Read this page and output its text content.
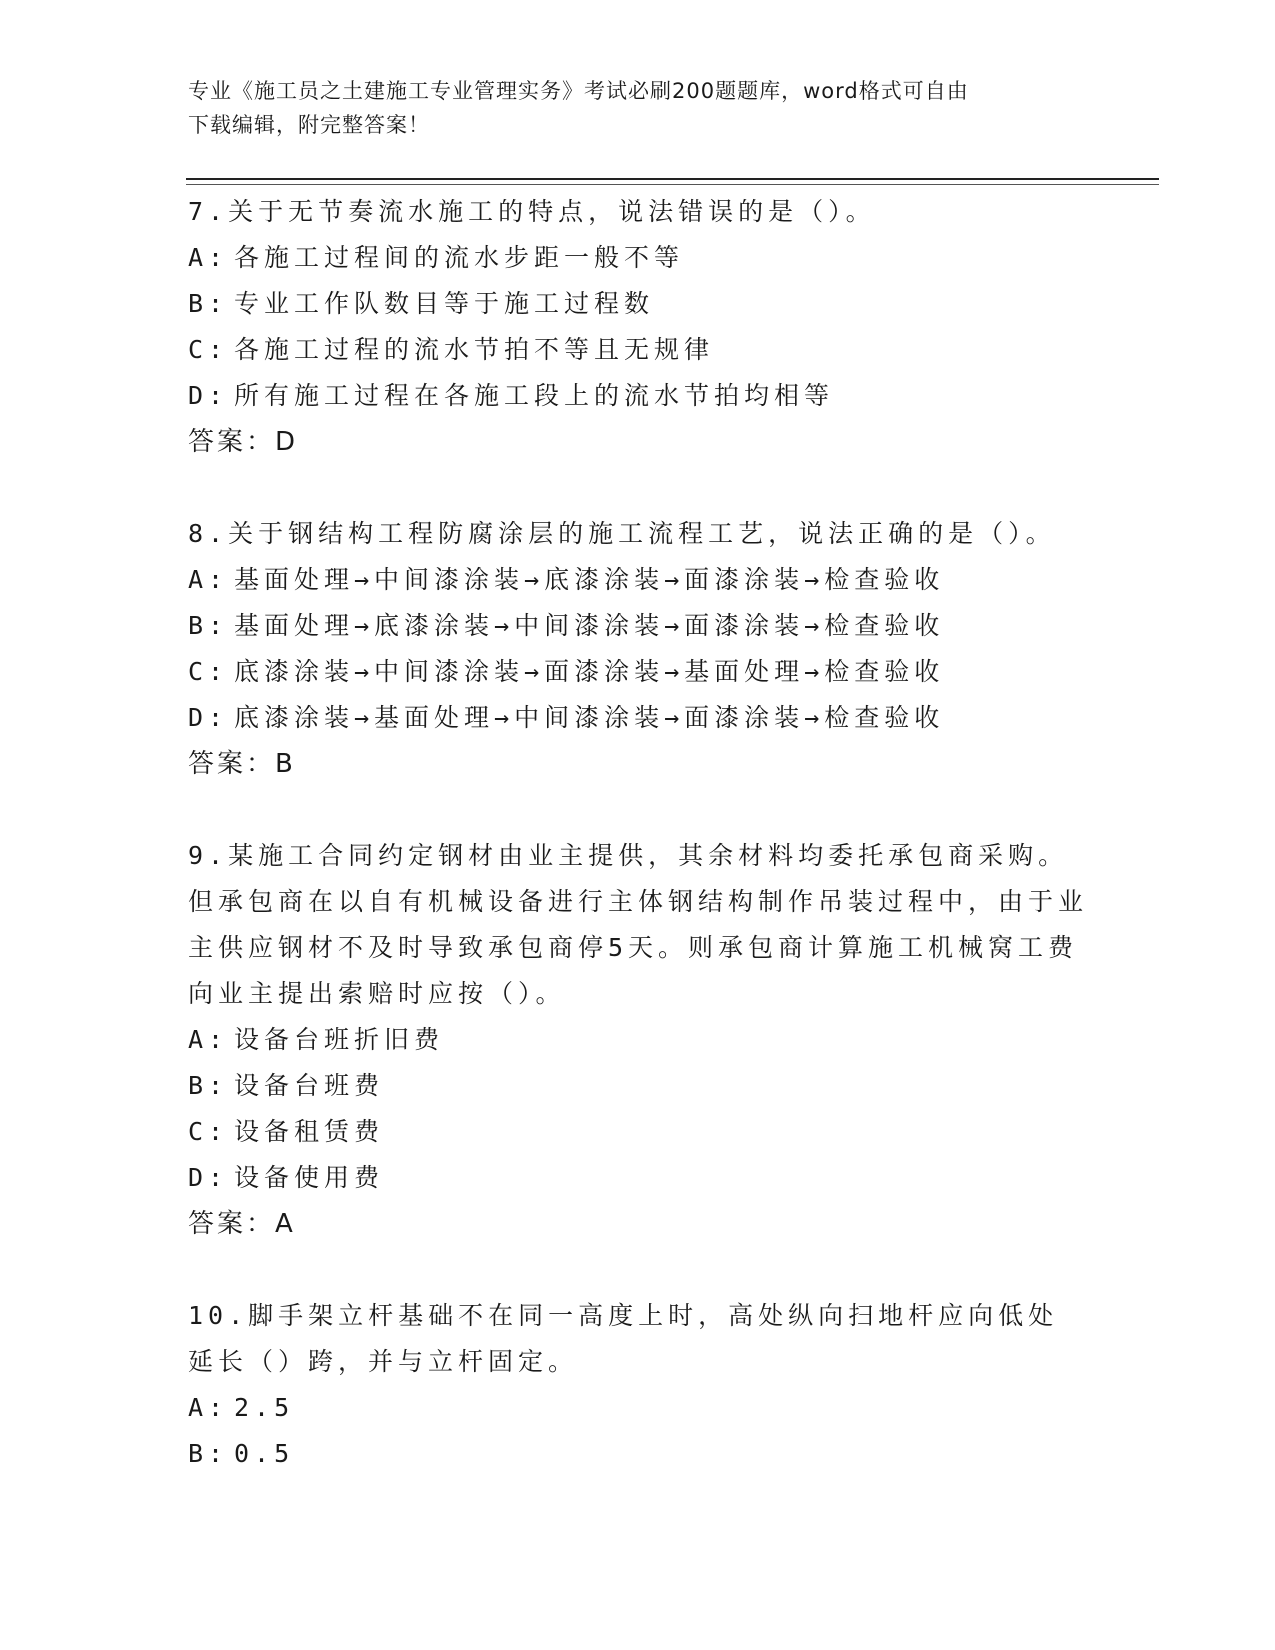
专业《施工员之土建施工专业管理实务》考试必刷200题题库，word格式可自由
下载编辑，附完整答案！

7.关于无节奏流水施工的特点，说法错误的是（）。

A: 各施工过程间的流水步距一般不等

B: 专业工作队数目等于施工过程数

C: 各施工过程的流水节拍不等且无规律

D: 所有施工过程在各施工段上的流水节拍均相等

答案：D

8.关于钢结构工程防腐涂层的施工流程工艺，说法正确的是（）。

A: 基面处理→中间漆涂装→底漆涂装→面漆涂装→检查验收

B: 基面处理→底漆涂装→中间漆涂装→面漆涂装→检查验收

C: 底漆涂装→中间漆涂装→面漆涂装→基面处理→检查验收

D: 底漆涂装→基面处理→中间漆涂装→面漆涂装→检查验收

答案：B

9.某施工合同约定钢材由业主提供，其余材料均委托承包商采购。但承包商在以自有机械设备进行主体钢结构制作吊装过程中，由于业主供应钢材不及时导致承包商停5天。则承包商计算施工机械窝工费向业主提出索赔时应按（）。

A: 设备台班折旧费

B: 设备台班费

C: 设备租赁费

D: 设备使用费

答案：A

10.脚手架立杆基础不在同一高度上时，高处纵向扫地杆应向低处延长（）跨，并与立杆固定。

A: 2.5

B: 0.5
